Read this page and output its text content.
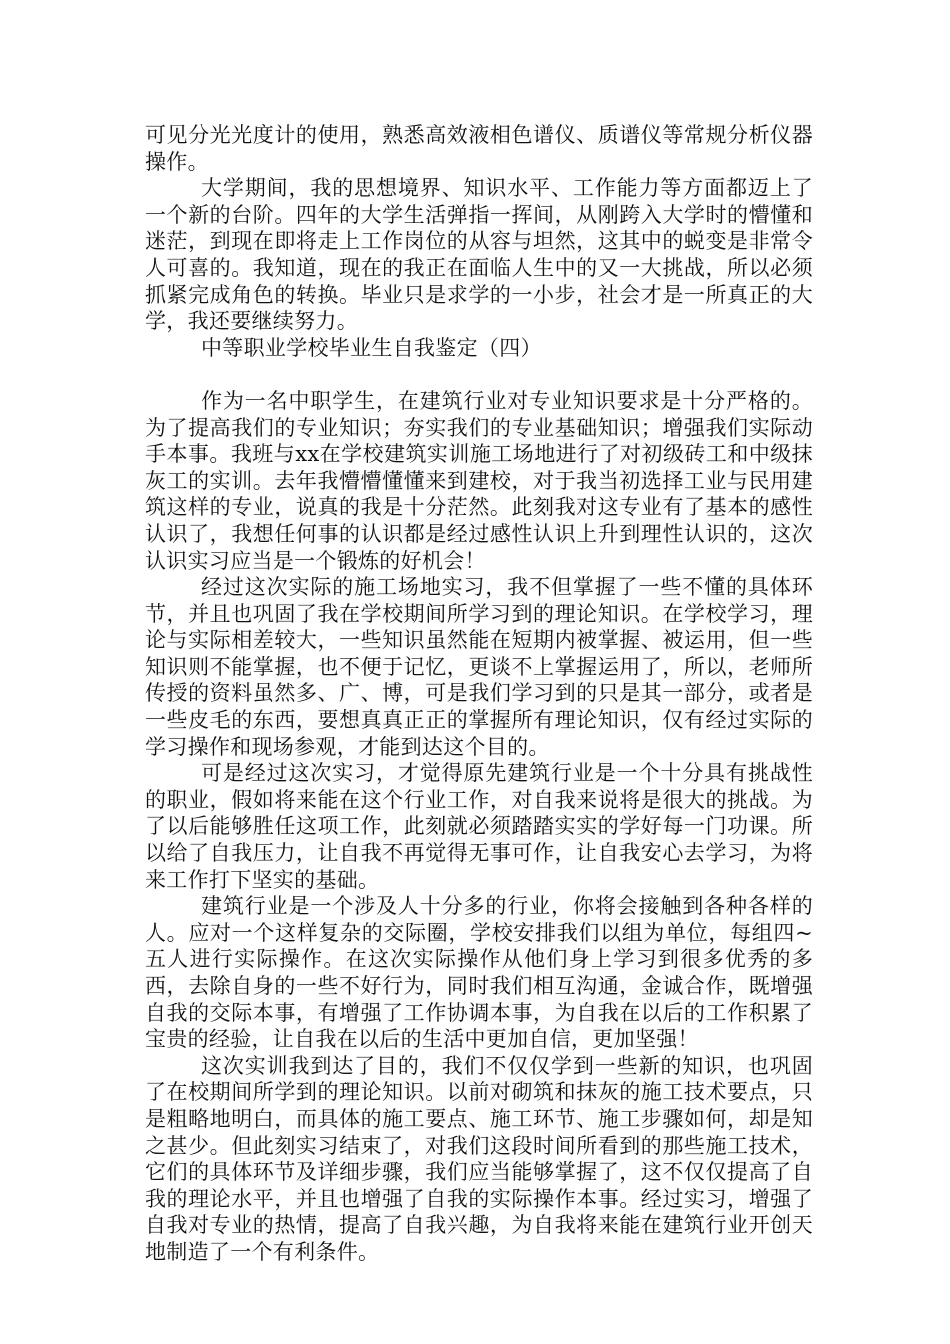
可见分光光度计的使用，熟悉高效液相色谱仪、质谱仪等常规分析仪器操作。

大学期间，我的思想境界、知识水平、工作能力等方面都迈上了一个新的台阶。四年的大学生活弹指一挥间，从刚跨入大学时的懵懂和迷茫，到现在即将走上工作岗位的从容与坦然，这其中的蜕变是非常令人可喜的。我知道，现在的我正在面临人生中的又一大挑战，所以必须抓紧完成角色的转换。毕业只是求学的一小步，社会才是一所真正的大学，我还要继续努力。

中等职业学校毕业生自我鉴定（四）

作为一名中职学生，在建筑行业对专业知识要求是十分严格的。为了提高我们的专业知识；夯实我们的专业基础知识；增强我们实际动手本事。我班与xx在学校建筑实训施工场地进行了对初级砖工和中级抹灰工的实训。去年我懵懵懂懂来到建校，对于我当初选择工业与民用建筑这样的专业，说真的我是十分茫然。此刻我对这专业有了基本的感性认识了，我想任何事的认识都是经过感性认识上升到理性认识的，这次认识实习应当是一个锻炼的好机会！

经过这次实际的施工场地实习，我不但掌握了一些不懂的具体环节，并且也巩固了我在学校期间所学习到的理论知识。在学校学习，理论与实际相差较大，一些知识虽然能在短期内被掌握、被运用，但一些知识则不能掌握，也不便于记忆，更谈不上掌握运用了，所以，老师所传授的资料虽然多、广、博，可是我们学习到的只是其一部分，或者是一些皮毛的东西，要想真真正正的掌握所有理论知识，仅有经过实际的学习操作和现场参观，才能到达这个目的。

可是经过这次实习，才觉得原先建筑行业是一个十分具有挑战性的职业，假如将来能在这个行业工作，对自我来说将是很大的挑战。为了以后能够胜任这项工作，此刻就必须踏踏实实的学好每一门功课。所以给了自我压力，让自我不再觉得无事可作，让自我安心去学习，为将来工作打下坚实的基础。

建筑行业是一个涉及人十分多的行业，你将会接触到各种各样的人。应对一个这样复杂的交际圈，学校安排我们以组为单位，每组四~五人进行实际操作。在这次实际操作从他们身上学习到很多优秀的多西，去除自身的一些不好行为，同时我们相互沟通，金诚合作，既增强自我的交际本事，有增强了工作协调本事，为自我在以后的工作积累了宝贵的经验，让自我在以后的生活中更加自信，更加坚强！

这次实训我到达了目的，我们不仅仅学到一些新的知识，也巩固了在校期间所学到的理论知识。以前对砌筑和抹灰的施工技术要点，只是粗略地明白，而具体的施工要点、施工环节、施工步骤如何，却是知之甚少。但此刻实习结束了，对我们这段时间所看到的那些施工技术，它们的具体环节及详细步骤，我们应当能够掌握了，这不仅仅提高了自我的理论水平，并且也增强了自我的实际操作本事。经过实习，增强了自我对专业的热情，提高了自我兴趣，为自我将来能在建筑行业开创天地制造了一个有利条件。
